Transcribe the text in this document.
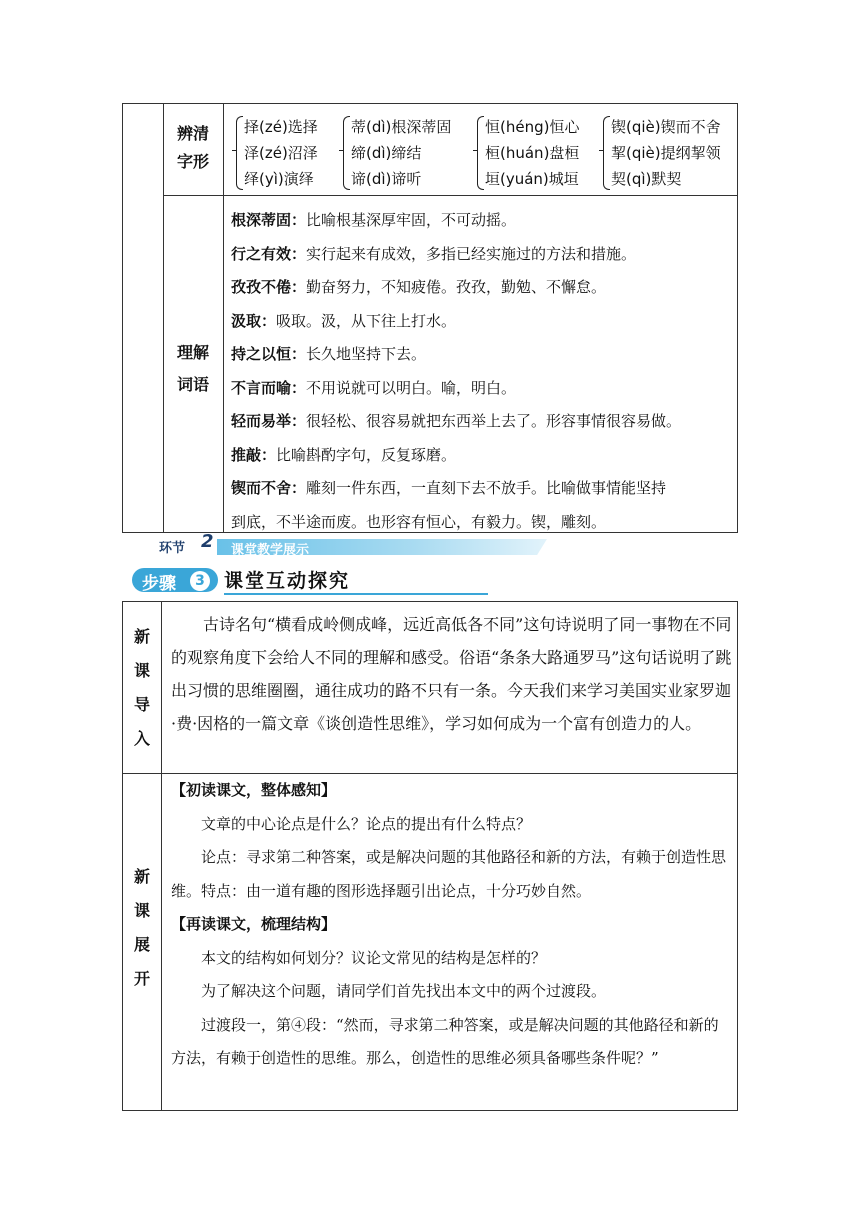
辨清
字形
择(zé)选择
泽(zé)沼泽
绎(yì)演绎
蒂(dì)根深蒂固
缔(dì)缔结
谛(dì)谛听
恒(héng)恒心
桓(huán)盘桓
垣(yuán)城垣
锲(qiè)锲而不舍
挈(qiè)提纲挈领
契(qì)默契
理解
词语

根深蒂固：比喻根基深厚牢固，不可动摇。

行之有效：实行起来有成效，多指已经实施过的方法和措施。

孜孜不倦：勤奋努力，不知疲倦。孜孜，勤勉、不懈怠。

汲取：吸取。汲，从下往上打水。

持之以恒：长久地坚持下去。

不言而喻：不用说就可以明白。喻，明白。

轻而易举：很轻松、很容易就把东西举上去了。形容事情很容易做。

推敲：比喻斟酌字句，反复琢磨。

锲而不舍：雕刻一件东西，一直刻下去不放手。比喻做事情能坚持

到底，不半途而废。也形容有恒心，有毅力。锲，雕刻。

环节 2 课堂教学展示
步骤	3 课堂互动探究
新
课
导
入

古诗名句“横看成岭侧成峰，远近高低各不同”这句诗说明了同一事物在不同的观察角度下会给人不同的理解和感受。俗语“条条大路通罗马”这句话说明了跳出习惯的思维圈圈，通往成功的路不只有一条。今天我们来学习美国实业家罗迦·费·因格的一篇文章《谈创造性思维》，学习如何成为一个富有创造力的人。

新
课
展
开

【初读课文，整体感知】

文章的中心论点是什么？论点的提出有什么特点？

论点：寻求第二种答案，或是解决问题的其他路径和新的方法，有赖于创造性思维。特点：由一道有趣的图形选择题引出论点，十分巧妙自然。

【再读课文，梳理结构】

本文的结构如何划分？议论文常见的结构是怎样的？

为了解决这个问题，请同学们首先找出本文中的两个过渡段。

过渡段一，第④段：“然而，寻求第二种答案，或是解决问题的其他路径和新的方法，有赖于创造性的思维。那么，创造性的思维必须具备哪些条件呢？”
